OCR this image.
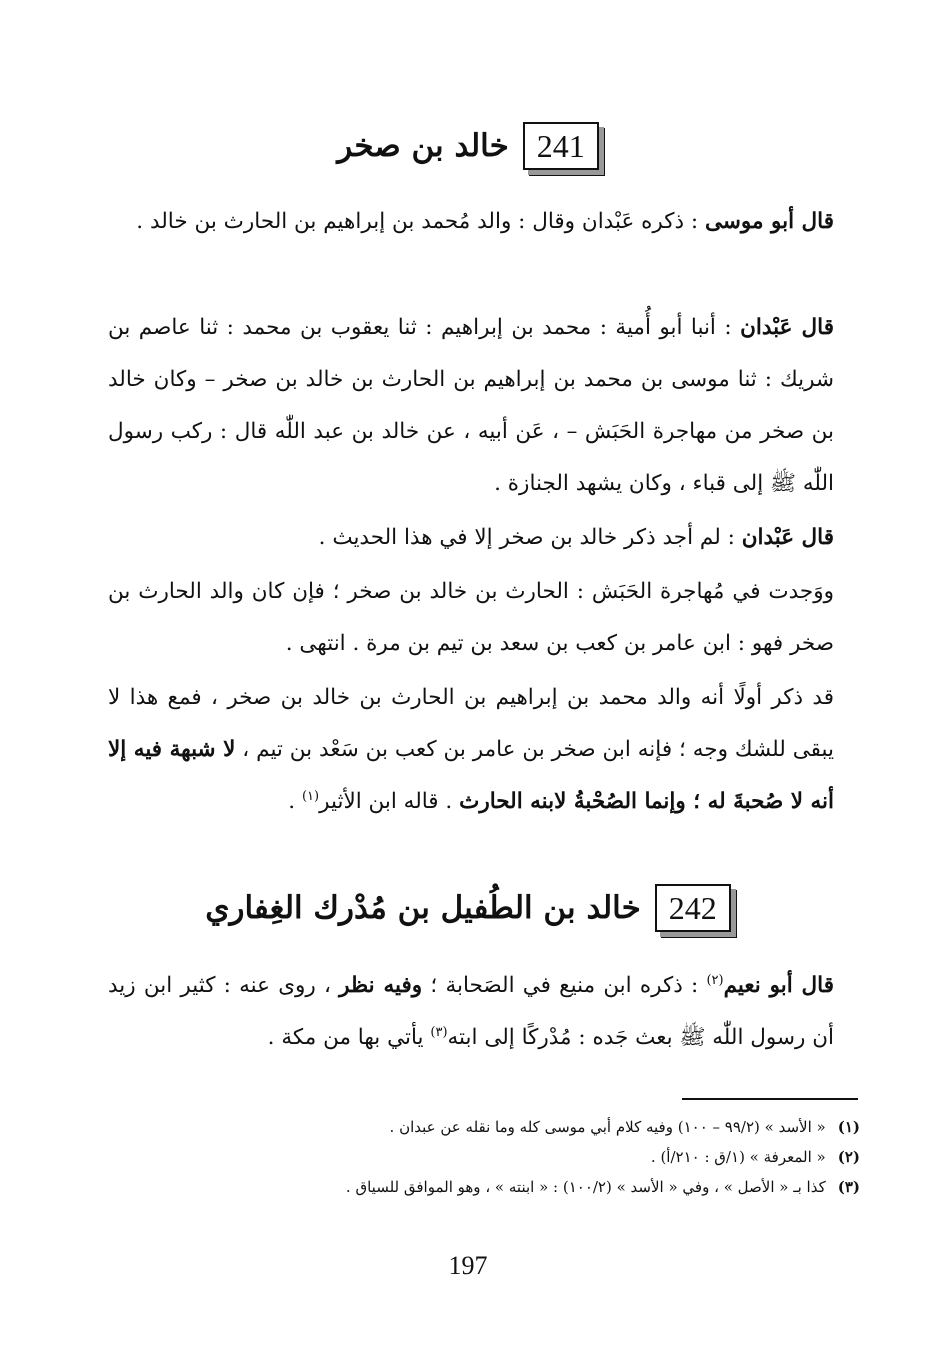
241
خالد بن صخر
قال أبو موسى : ذكره عَبْدان وقال : والد مُحمد بن إبراهيم بن الحارث بن خالد .
قال عَبْدان : أنبا أبو أُمية : محمد بن إبراهيم : ثنا يعقوب بن محمد : ثنا عاصم بن شريك : ثنا موسى بن محمد بن إبراهيم بن الحارث بن خالد بن صخر – وكان خالد بن صخر من مهاجرة الحَبَش – ، عَن أبيه ، عن خالد بن عبد اللّٰه قال : ركب رسول اللّٰه ﷺ إلى قباء ، وكان يشهد الجنازة .
قال عَبْدان : لم أجد ذكر خالد بن صخر إلا في هذا الحديث .
ووَجدت في مُهاجرة الحَبَش : الحارث بن خالد بن صخر ؛ فإن كان والد الحارث بن صخر فهو : ابن عامر بن كعب بن سعد بن تيم بن مرة . انتهى .
قد ذكر أولًا أنه والد محمد بن إبراهيم بن الحارث بن خالد بن صخر ، فمع هذا لا يبقى للشك وجه ؛ فإنه ابن صخر بن عامر بن كعب بن سَعْد بن تيم ، لا شبهة فيه إلا أنه لا صُحبةَ له ؛ وإنما الصُحْبةُ لابنه الحارث . قاله ابن الأثير$^{(١)}$ .
242
خالد بن الطُفيل بن مُدْرك الغِفاري
قال أبو نعيم$^{(٢)}$ : ذكره ابن منيع في الصَحابة ؛ وفيه نظر ، روى عنه : كثير ابن زيد أن رسول اللّٰه ﷺ بعث جَده : مُدْركًا إلى ابته$^{(٣)}$ يأتي بها من مكة .
(١)« الأسد » (٩٩/٢ – ١٠٠) وفيه كلام أبي موسى كله وما نقله عن عبدان .
(٢)« المعرفة » (١/ق : ٢١٠/أ) .
(٣)كذا بـ « الأصل » ، وفي « الأسد » (١٠٠/٢) : « ابنته » ، وهو الموافق للسياق .
197
